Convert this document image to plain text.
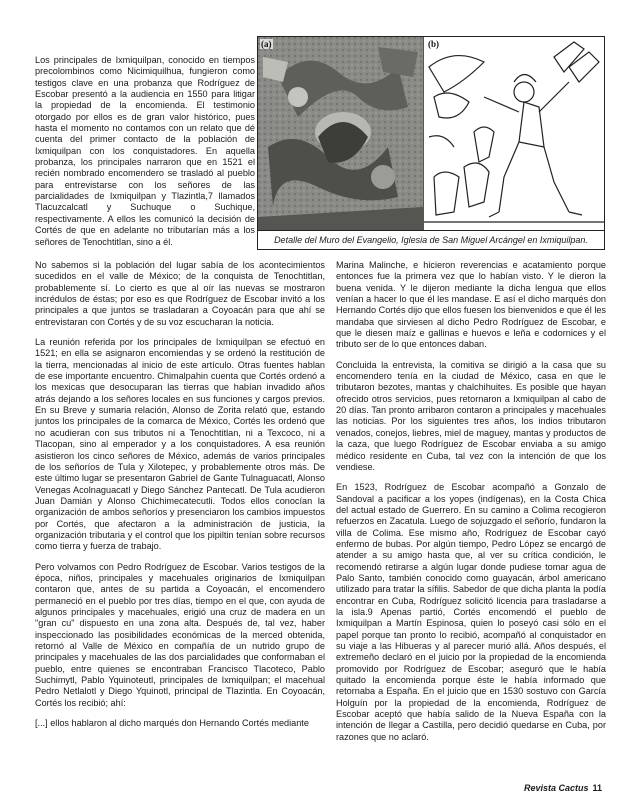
Los principales de Ixmiquilpan, conocido en tiempos precolombinos como Nicimiquilhua, fungieron como testigos clave en una probanza que Rodríguez de Escobar presentó a la audiencia en 1550 para litigar la propiedad de la encomienda. El testimonio otorgado por ellos es de gran valor histórico, pues hasta el momento no contamos con un relato que dé cuenta del primer contacto de la población de Ixmiquilpan con los conquistadores. En aquella probanza, los principales narraron que en 1521 el recién nombrado encomendero se trasladó al pueblo para entrevistarse con los señores de las parcialidades de Ixmiquilpan y Tlazintla,7 llamados Tlacuzcalcatl y Suchuque o Suchique, respectivamente. A ellos les comunicó la decisión de Cortés de que en adelante no tributarían más a los señores de Tenochtitlan, sino a él.

(a)	(b)
Detalle del Muro del Evangelio, Iglesia de San Miguel Arcángel en Ixmiquilpan.

No sabemos si la población del lugar sabía de los acontecimientos sucedidos en el valle de México; de la conquista de Tenochtitlan, probablemente sí. Lo cierto es que al oír las nuevas se mostraron incrédulos de éstas; por eso es que Rodríguez de Escobar invitó a los principales a que juntos se trasladaran a Coyoacán para que ahí se entrevistaran con Cortés y de su voz escucharan la noticia.

La reunión referida por los principales de Ixmiquilpan se efectuó en 1521; en ella se asignaron encomiendas y se ordenó la restitución de la tierra, mencionadas al inicio de este artículo. Otras fuentes hablan de ese importante encuentro. Chimalpahin cuenta que Cortés ordenó a los mexicas que desocuparan las tierras que habían invadido años atrás dejando a los señores locales en sus funciones y cargos previos. En su Breve y sumaria relación, Alonso de Zorita relató que, estando juntos los principales de la comarca de México, Cortés les ordenó que no acudieran con sus tributos ni a Tenochtitlan, ni a Texcoco, ni a Tlacopan, sino al emperador y a los conquistadores. A esa reunión asistieron los cinco señores de México, además de varios principales de los señoríos de Tula y Xilotepec, y probablemente otros más. De este último lugar se presentaron Gabriel de Gante Tulnaguacatl, Alonso Venegas Acolnaguacatl y Diego Sánchez Pantecatl. De Tula acudieron Juan Damián y Alonso Chichimecatecutli. Todos ellos conocían la organización de ambos señoríos y presenciaron los cambios impuestos por Cortés, que afectaron a la administración de justicia, la organización tributaria y el control que los pipiltin tenían sobre recursos como tierra y fuerza de trabajo.

Pero volvamos con Pedro Rodríguez de Escobar. Varios testigos de la época, niños, principales y macehuales originarios de Ixmiquilpan contaron que, antes de su partida a Coyoacán, el encomendero permaneció en el pueblo por tres días, tiempo en el que, con ayuda de algunos principales y macehuales, erigió una cruz de madera en un "gran cu" dispuesto en una zona alta. Después de, tal vez, haber inspeccionado las posibilidades económicas de la merced obtenida, retornó al Valle de México en compañía de un nutrido grupo de principales y macehuales de las dos parcialidades que conformaban el pueblo, entre quienes se encontraban Francisco Tlacoteco, Pablo Suchimytl, Pablo Yquinoteutl, principales de Ixmiquilpan; el macehual Pedro Netlalotl y Diego Yquinotl, principal de Tlazintla. En Coyoacán, Cortés los recibió; ahí:

[...] ellos hablaron al dicho marqués don Hernando Cortés mediante

Marina Malinche, e hicieron reverencias e acatamiento porque entonces fue la primera vez que lo habían visto. Y le dieron la buena venida. Y le dijeron mediante la dicha lengua que ellos venían a hacer lo que él les mandase. E así el dicho marqués don Hernando Cortés dijo que ellos fuesen los bienvenidos e que él les mandaba que sirviesen al dicho Pedro Rodríguez de Escobar, e que le diesen maíz e gallinas e huevos e leña e codornices y el tributo ser de lo que entonces daban.

Concluida la entrevista, la comitiva se dirigió a la casa que su encomendero tenía en la ciudad de México, casa en que le tributaron bezotes, mantas y chalchihuites. Es posible que hayan ofrecido otros servicios, pues retornaron a Ixmiquilpan al cabo de 20 días. Tan pronto arribaron contaron a principales y macehuales las noticias. Por los siguientes tres años, los indios tributaron venados, conejos, liebres, miel de maguey, mantas y productos de la caza, que luego Rodríguez de Escobar enviaba a su amigo médico residente en Cuba, tal vez con la intención de que los vendiese.

En 1523, Rodríguez de Escobar acompañó a Gonzalo de Sandoval a pacificar a los yopes (indígenas), en la Costa Chica del actual estado de Guerrero. En su camino a Colima recogieron refuerzos en Zacatula. Luego de sojuzgado el señorío, fundaron la villa de Colima. Ese mismo año, Rodríguez de Escobar cayó enfermo de bubas. Por algún tiempo, Pedro López se encargó de atender a su amigo hasta que, al ver su crítica condición, le recomendó retirarse a algún lugar donde pudiese tomar agua de Palo Santo, también conocido como guayacán, árbol americano utilizado para tratar la sífilis. Sabedor de que dicha planta la podía encontrar en Cuba, Rodríguez solicitó licencia para trasladarse a la isla.9 Apenas partió, Cortés encomendó el pueblo de Ixmiquilpan a Martín Espinosa, quien lo poseyó casi sólo en el papel porque tan pronto lo recibió, acompañó al conquistador en su viaje a las Hibueras y al parecer murió allá. Años después, el extremeño declaró en el juicio por la propiedad de la encomienda promovido por Rodríguez de Escobar; aseguró que le había quitado la encomienda porque éste le había informado que retornaba a España. En el juicio que en 1530 sostuvo con García Holguín por la propiedad de la encomienda, Rodríguez de Escobar aceptó que había salido de la Nueva España con la intención de llegar a Castilla, pero decidió quedarse en Cuba, por razones que no aclaró.

Revista Cactus 11
